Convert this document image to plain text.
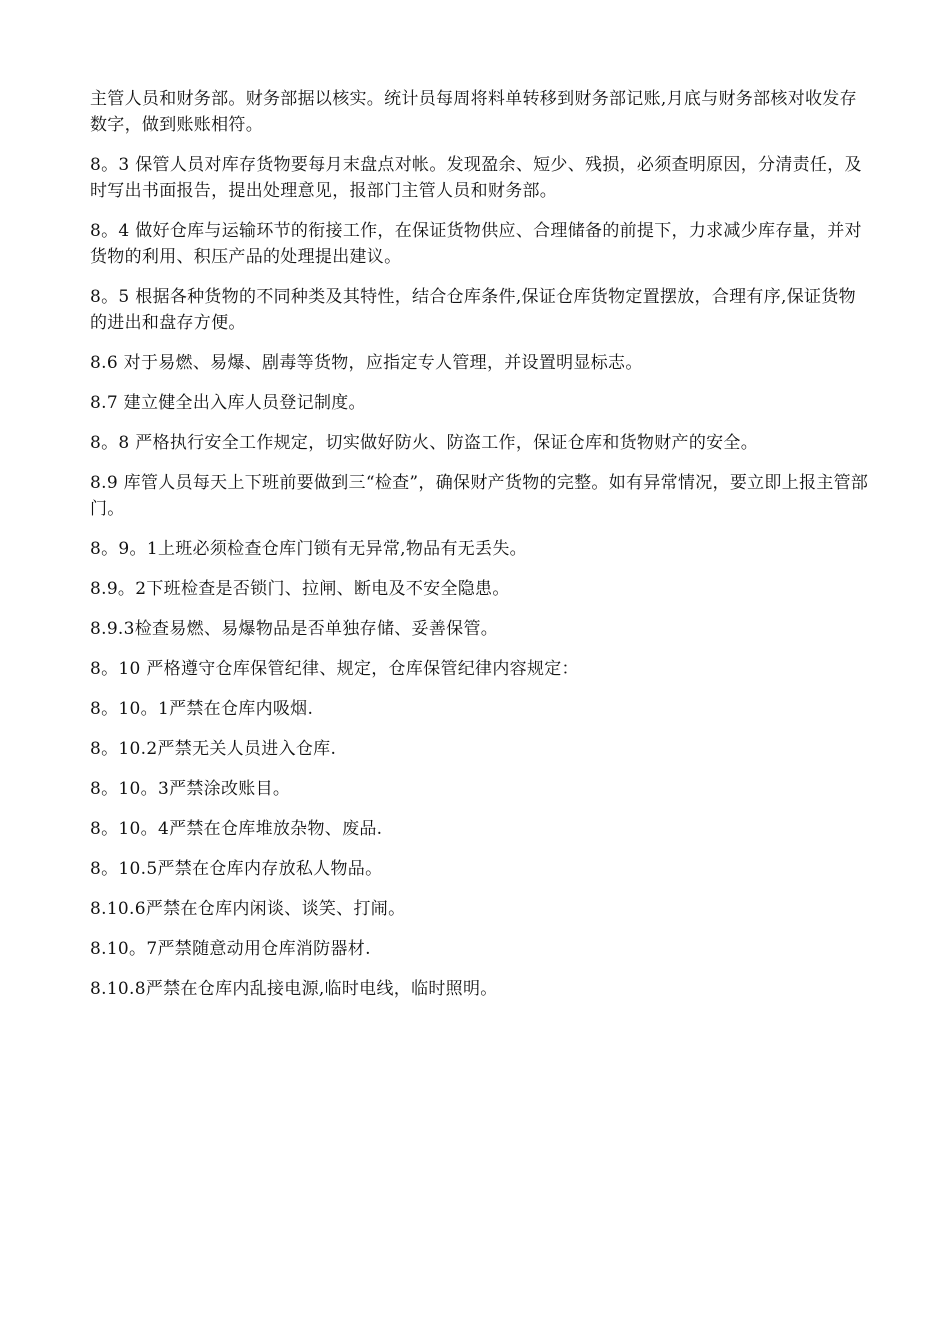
主管人员和财务部。财务部据以核实。统计员每周将料单转移到财务部记账,月底与财务部核对收发存数字，做到账账相符。

8。3 保管人员对库存货物要每月末盘点对帐。发现盈余、短少、残损，必须查明原因，分清责任，及时写出书面报告，提出处理意见，报部门主管人员和财务部。

8。4 做好仓库与运输环节的衔接工作，在保证货物供应、合理储备的前提下，力求减少库存量，并对货物的利用、积压产品的处理提出建议。

8。5 根据各种货物的不同种类及其特性，结合仓库条件,保证仓库货物定置摆放，合理有序,保证货物的进出和盘存方便。

8.6 对于易燃、易爆、剧毒等货物，应指定专人管理，并设置明显标志。

8.7 建立健全出入库人员登记制度。

8。8 严格执行安全工作规定，切实做好防火、防盗工作，保证仓库和货物财产的安全。

8.9 库管人员每天上下班前要做到三“检查”，确保财产货物的完整。如有异常情况，要立即上报主管部门。

8。9。1上班必须检查仓库门锁有无异常,物品有无丢失。

8.9。2下班检查是否锁门、拉闸、断电及不安全隐患。

8.9.3检查易燃、易爆物品是否单独存储、妥善保管。

8。10 严格遵守仓库保管纪律、规定，仓库保管纪律内容规定：

8。10。1严禁在仓库内吸烟.

8。10.2严禁无关人员进入仓库.

8。10。3严禁涂改账目。

8。10。4严禁在仓库堆放杂物、废品.

8。10.5严禁在仓库内存放私人物品。

8.10.6严禁在仓库内闲谈、谈笑、打闹。

8.10。7严禁随意动用仓库消防器材.

8.10.8严禁在仓库内乱接电源,临时电线，临时照明。
